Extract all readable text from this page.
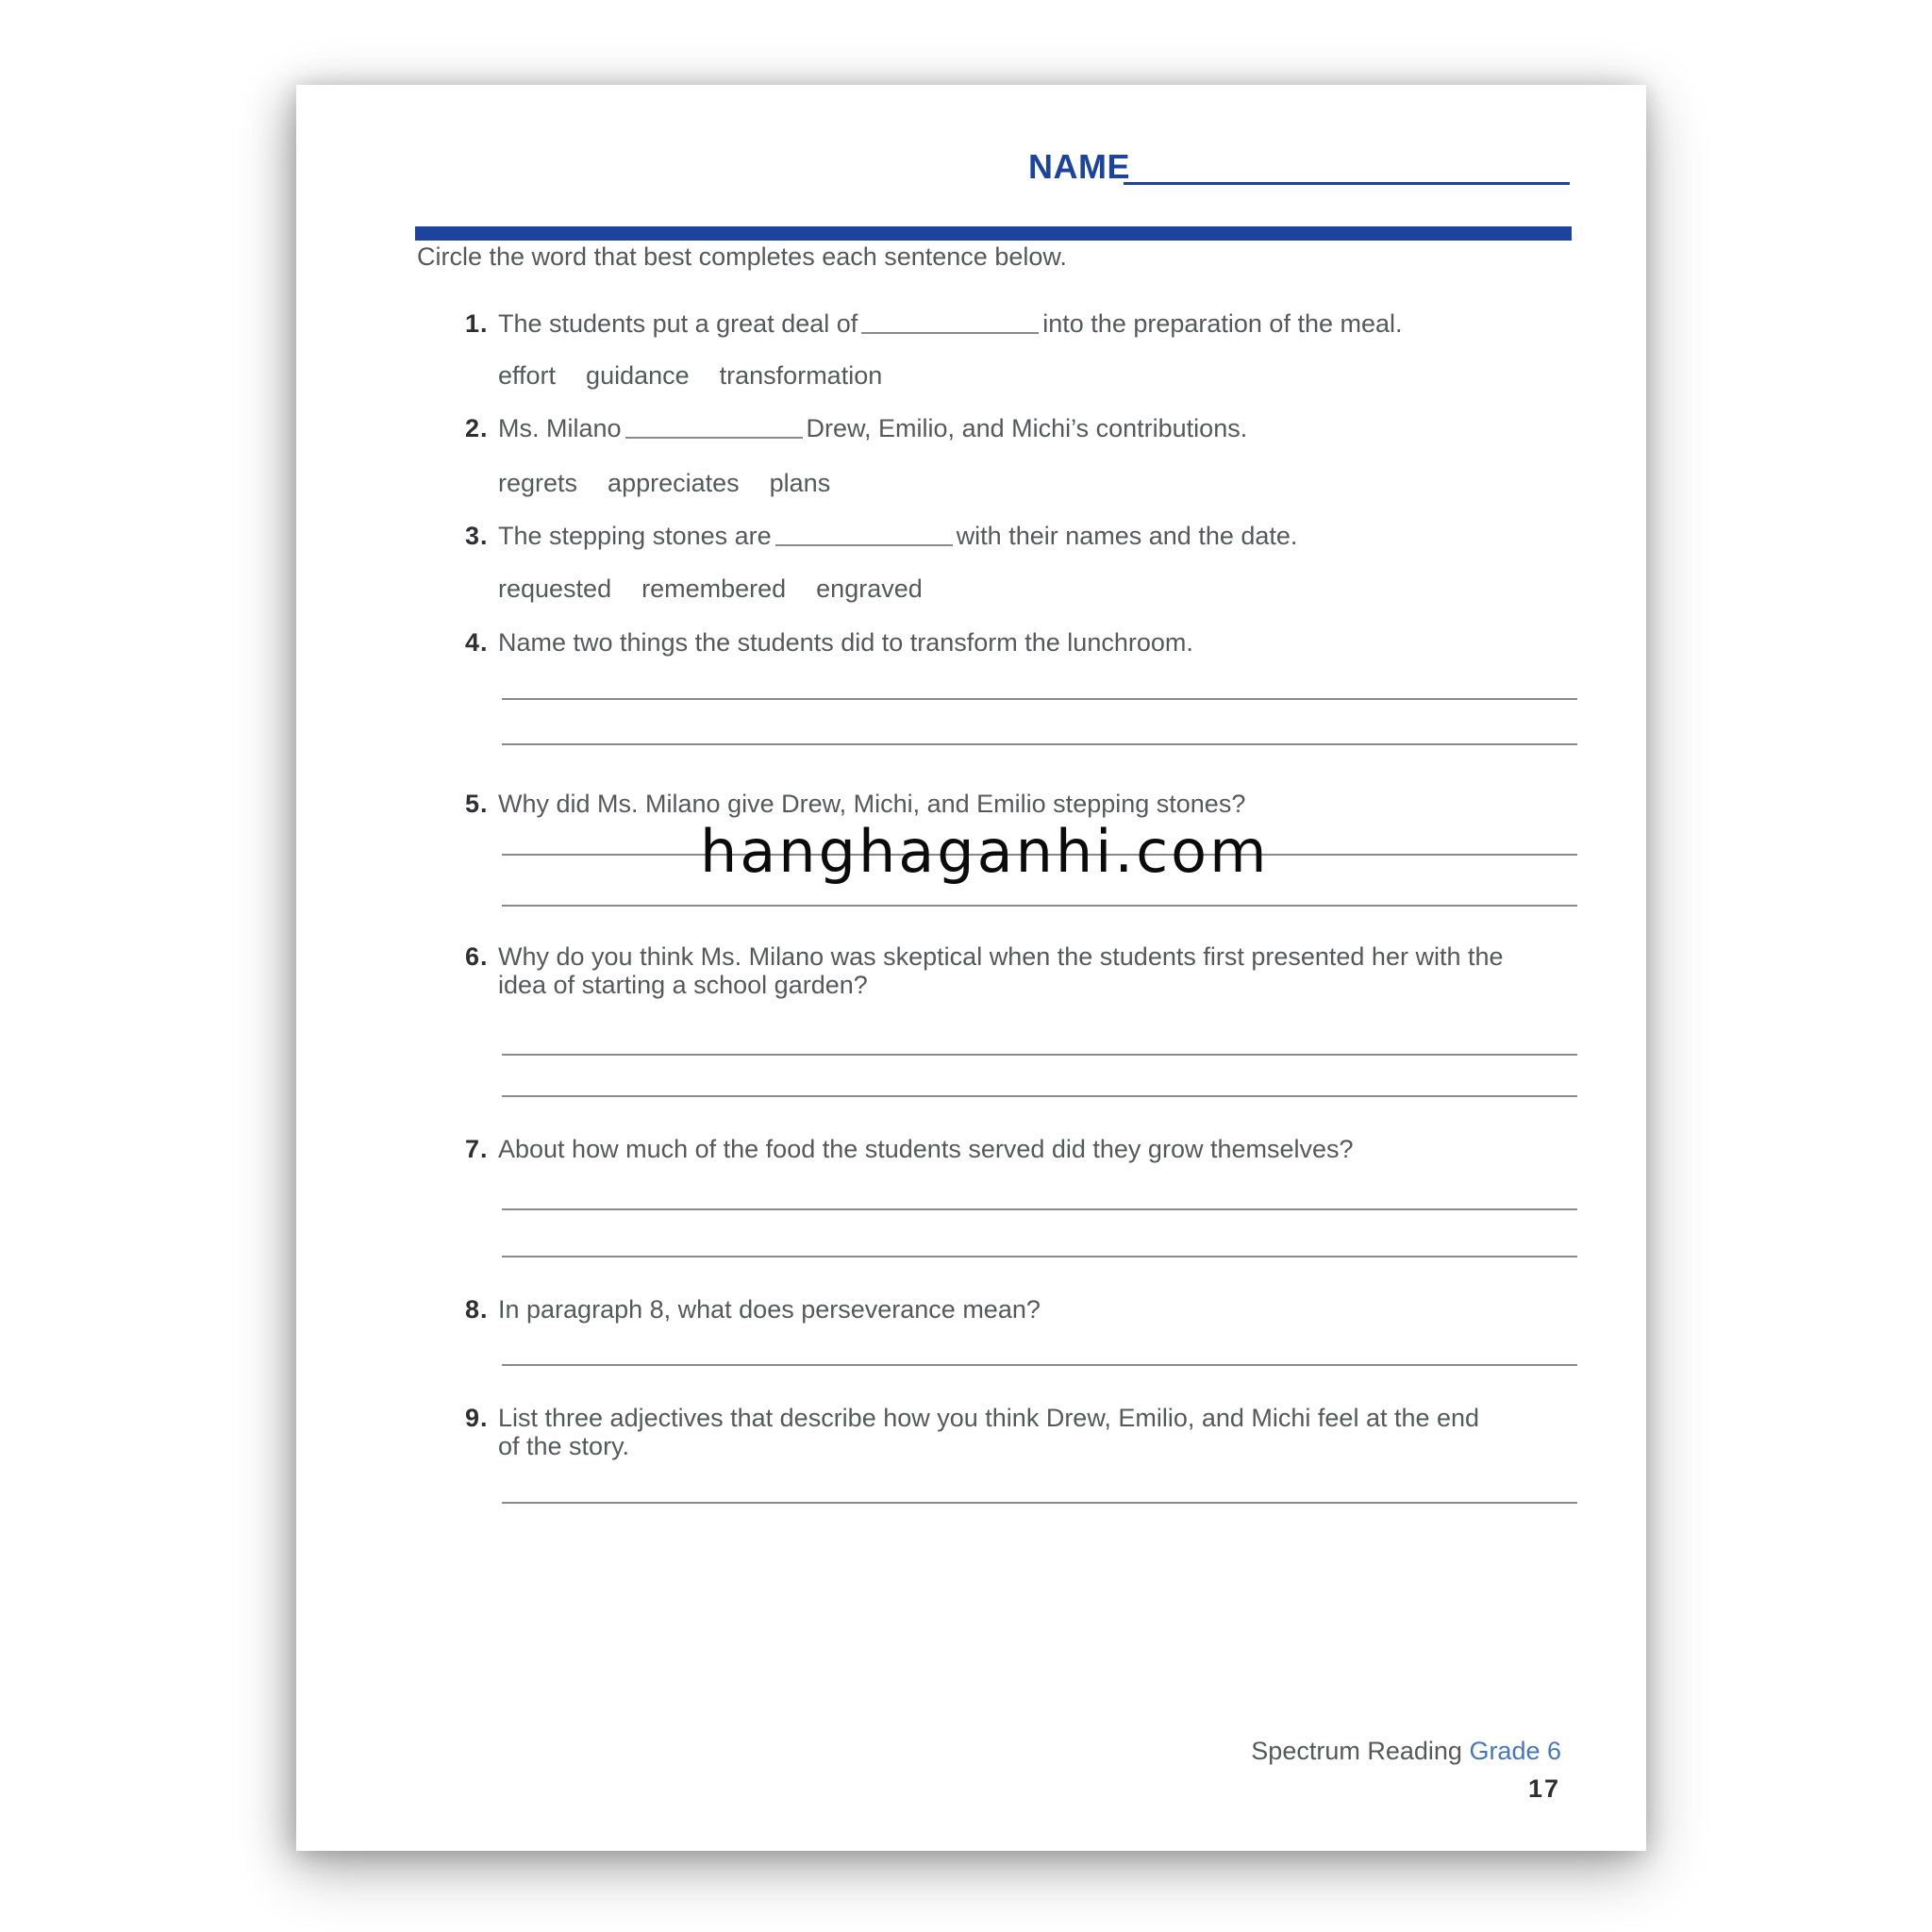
NAME
Circle the word that best completes each sentence below.
1. The students put a great deal of	into the preparation of the meal.
effort guidance transformation
2. Ms. Milano	Drew, Emilio, and Michi’s contributions.
regrets appreciates plans
3. The stepping stones are	with their names and the date.
requested remembered engraved
4. Name two things the students did to transform the lunchroom.
5. Why did Ms. Milano give Drew, Michi, and Emilio stepping stones?
6. Why do you think Ms. Milano was skeptical when the students first presented her with the
idea of starting a school garden?
7. About how much of the food the students served did they grow themselves?
8. In paragraph 8, what does perseverance mean?
9. List three adjectives that describe how you think Drew, Emilio, and Michi feel at the end
of the story.
hanghaganhi.com
Spectrum Reading Grade 6
17
